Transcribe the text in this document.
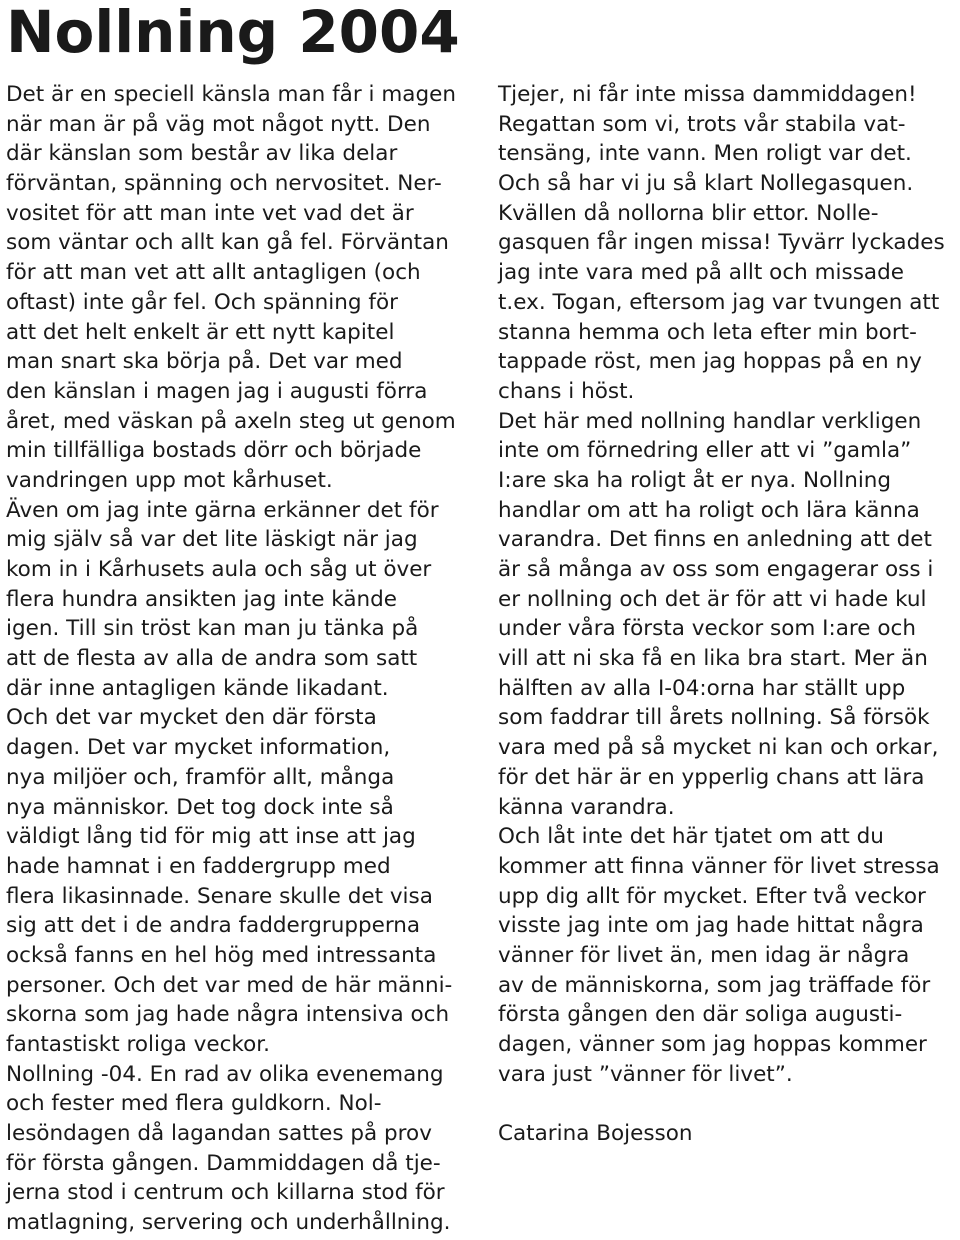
Nollning 2004
Det är en speciell känsla man får i magen
när man är på väg mot något nytt. Den
där känslan som består av lika delar
förväntan, spänning och nervositet. Ner-
vositet för att man inte vet vad det är
som väntar och allt kan gå fel. Förväntan
för att man vet att allt antagligen (och
oftast) inte går fel. Och spänning för
att det helt enkelt är ett nytt kapitel
man snart ska börja på. Det var med
den känslan i magen jag i augusti förra
året, med väskan på axeln steg ut genom
min tillfälliga bostads dörr och började
vandringen upp mot kårhuset.
Även om jag inte gärna erkänner det för
mig själv så var det lite läskigt när jag
kom in i Kårhusets aula och såg ut över
flera hundra ansikten jag inte kände
igen. Till sin tröst kan man ju tänka på
att de flesta av alla de andra som satt
där inne antagligen kände likadant.
Och det var mycket den där första
dagen. Det var mycket information,
nya miljöer och, framför allt, många
nya människor. Det tog dock inte så
väldigt lång tid för mig att inse att jag
hade hamnat i en faddergrupp med
flera likasinnade. Senare skulle det visa
sig att det i de andra faddergrupperna
också fanns en hel hög med intressanta
personer. Och det var med de här männi-
skorna som jag hade några intensiva och
fantastiskt roliga veckor.
Nollning -04. En rad av olika evenemang
och fester med flera guldkorn. Nol-
lesöndagen då lagandan sattes på prov
för första gången. Dammiddagen då tje-
jerna stod i centrum och killarna stod för
matlagning, servering och underhållning.
Tjejer, ni får inte missa dammiddagen!
Regattan som vi, trots vår stabila vat-
tensäng, inte vann. Men roligt var det.
Och så har vi ju så klart Nollegasquen.
Kvällen då nollorna blir ettor. Nolle-
gasquen får ingen missa! Tyvärr lyckades
jag inte vara med på allt och missade
t.ex. Togan, eftersom jag var tvungen att
stanna hemma och leta efter min bort-
tappade röst, men jag hoppas på en ny
chans i höst.
Det här med nollning handlar verkligen
inte om förnedring eller att vi ”gamla”
I:are ska ha roligt åt er nya. Nollning
handlar om att ha roligt och lära känna
varandra. Det finns en anledning att det
är så många av oss som engagerar oss i
er nollning och det är för att vi hade kul
under våra första veckor som I:are och
vill att ni ska få en lika bra start. Mer än
hälften av alla I-04:orna har ställt upp
som faddrar till årets nollning. Så försök
vara med på så mycket ni kan och orkar,
för det här är en ypperlig chans att lära
känna varandra.
Och låt inte det här tjatet om att du
kommer att finna vänner för livet stressa
upp dig allt för mycket. Efter två veckor
visste jag inte om jag hade hittat några
vänner för livet än, men idag är några
av de människorna, som jag träffade för
första gången den där soliga augusti-
dagen, vänner som jag hoppas kommer
vara just ”vänner för livet”.
Catarina Bojesson
